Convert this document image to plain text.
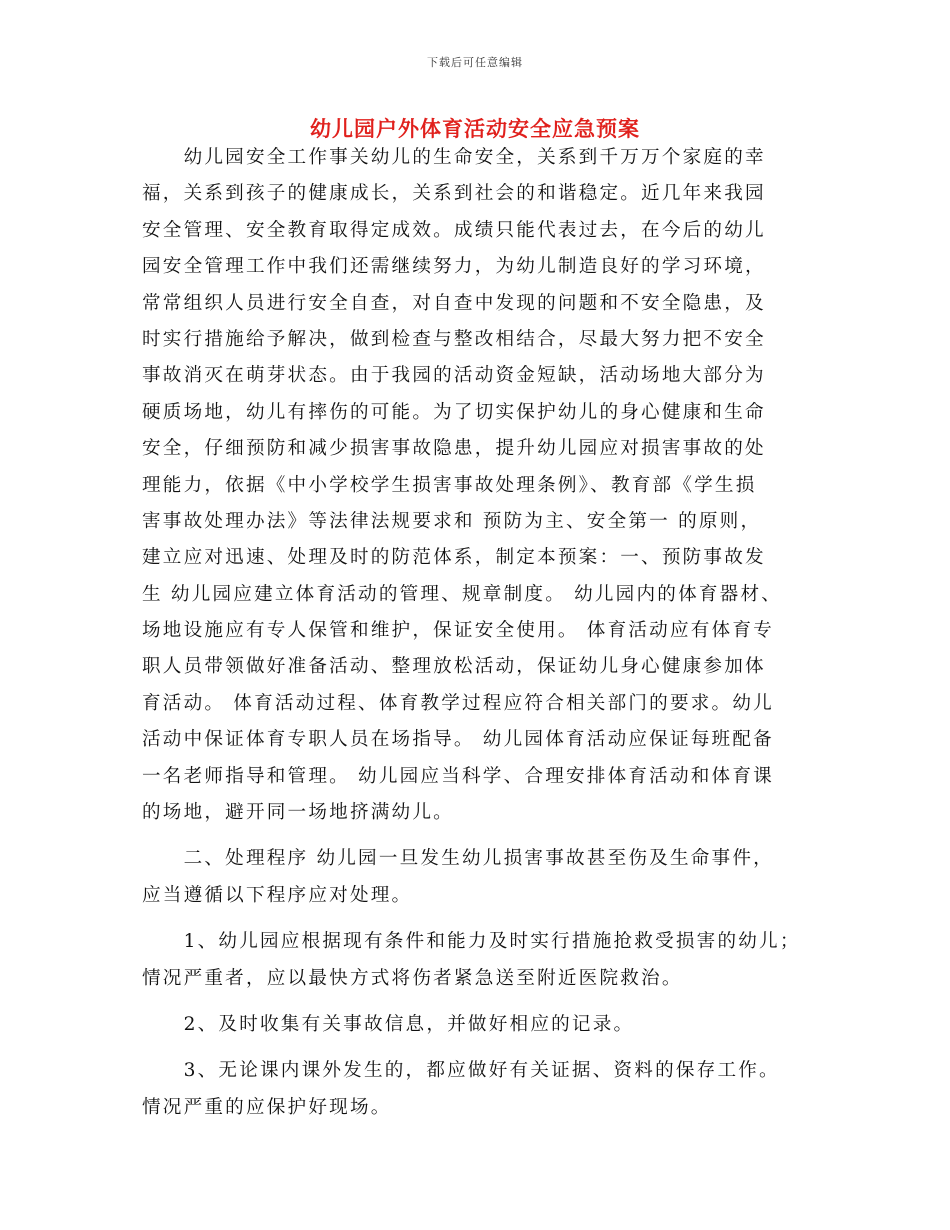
下载后可任意编辑
幼儿园户外体育活动安全应急预案
　　幼儿园安全工作事关幼儿的生命安全，关系到千万万个家庭的幸
福，关系到孩子的健康成长，关系到社会的和谐稳定。近几年来我园
安全管理、安全教育取得定成效。成绩只能代表过去，在今后的幼儿
园安全管理工作中我们还需继续努力，为幼儿制造良好的学习环境，
常常组织人员进行安全自查，对自查中发现的问题和不安全隐患，及
时实行措施给予解决，做到检查与整改相结合，尽最大努力把不安全
事故消灭在萌芽状态。由于我园的活动资金短缺，活动场地大部分为
硬质场地，幼儿有摔伤的可能。为了切实保护幼儿的身心健康和生命
安全，仔细预防和减少损害事故隐患，提升幼儿园应对损害事故的处
理能力，依据《中小学校学生损害事故处理条例》、教育部《学生损
害事故处理办法》等法律法规要求和 预防为主、安全第一 的原则，
建立应对迅速、处理及时的防范体系，制定本预案：一、预防事故发
生 幼儿园应建立体育活动的管理、规章制度。 幼儿园内的体育器材、
场地设施应有专人保管和维护，保证安全使用。 体育活动应有体育专
职人员带领做好准备活动、整理放松活动，保证幼儿身心健康参加体
育活动。 体育活动过程、体育教学过程应符合相关部门的要求。幼儿
活动中保证体育专职人员在场指导。 幼儿园体育活动应保证每班配备
一名老师指导和管理。 幼儿园应当科学、合理安排体育活动和体育课
的场地，避开同一场地挤满幼儿。
　　二、处理程序 幼儿园一旦发生幼儿损害事故甚至伤及生命事件，
应当遵循以下程序应对处理。
　　1、幼儿园应根据现有条件和能力及时实行措施抢救受损害的幼儿；
情况严重者，应以最快方式将伤者紧急送至附近医院救治。
　　2、及时收集有关事故信息，并做好相应的记录。
　　3、无论课内课外发生的，都应做好有关证据、资料的保存工作。
情况严重的应保护好现场。
